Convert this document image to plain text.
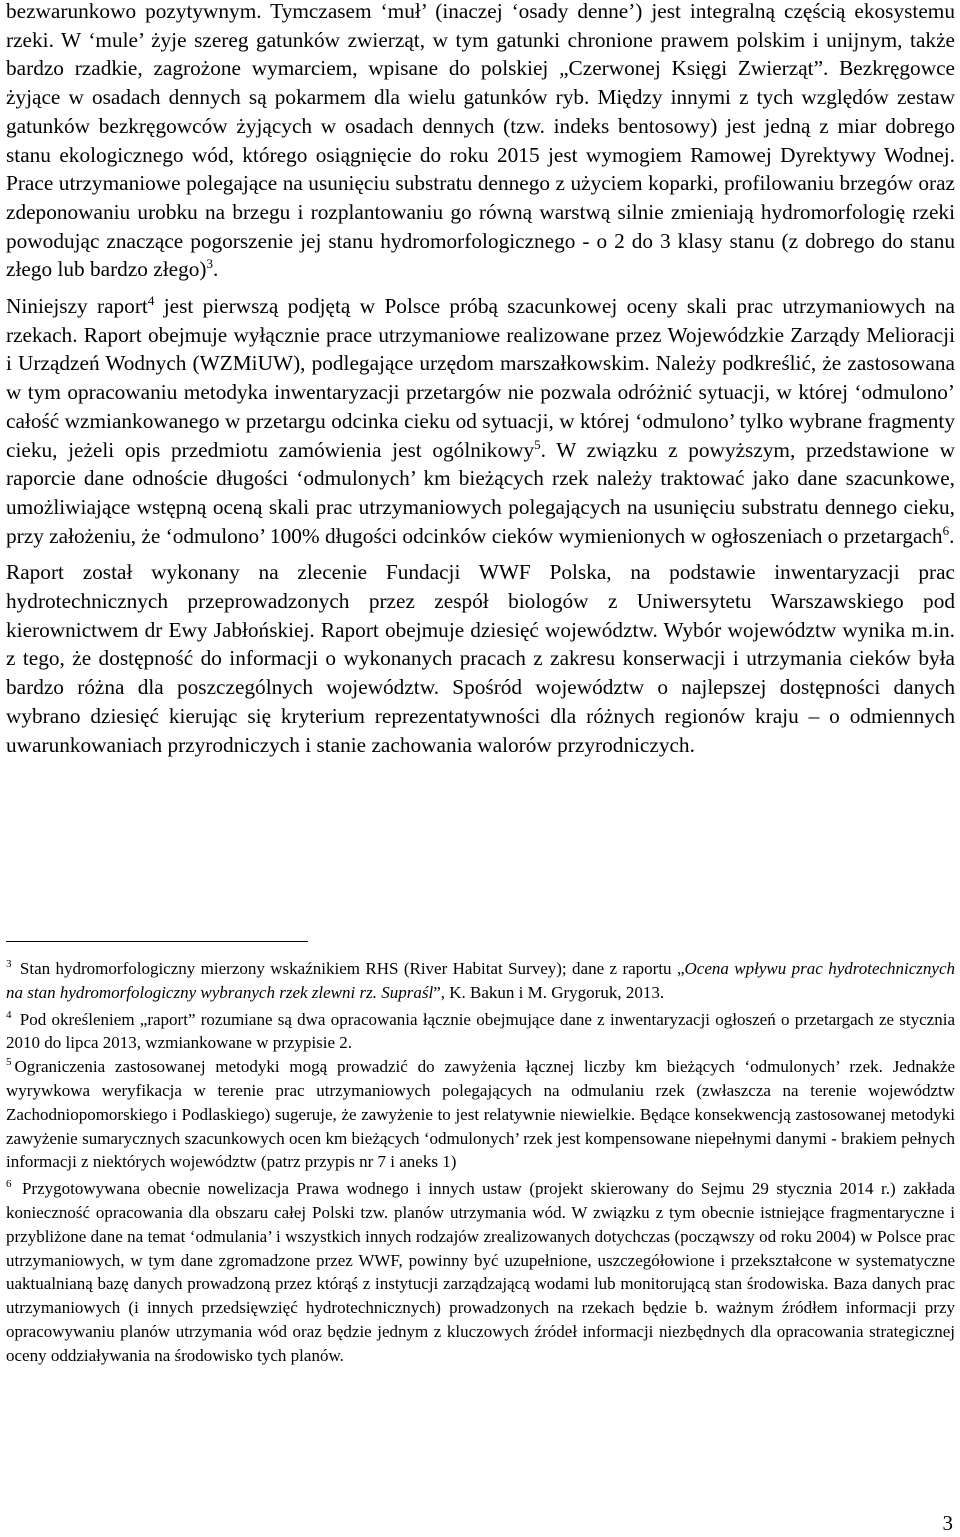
bezwarunkowo pozytywnym. Tymczasem ‘muł’ (inaczej ‘osady denne’) jest integralną częścią ekosystemu rzeki. W ‘mule’ żyje szereg gatunków zwierząt, w tym gatunki chronione prawem polskim i unijnym, także bardzo rzadkie, zagrożone wymarciem, wpisane do polskiej „Czerwonej Księgi Zwierząt”. Bezkręgowce żyjące w osadach dennych są pokarmem dla wielu gatunków ryb. Między innymi z tych względów zestaw gatunków bezkręgowców żyjących w osadach dennych (tzw. indeks bentosowy) jest jedną z miar dobrego stanu ekologicznego wód, którego osiągnięcie do roku 2015 jest wymogiem Ramowej Dyrektywy Wodnej. Prace utrzymaniowe polegające na usunięciu substratu dennego z użyciem koparki, profilowaniu brzegów oraz zdeponowaniu urobku na brzegu i rozplantowaniu go równą warstwą silnie zmieniają hydromorfologię rzeki powodując znaczące pogorszenie jej stanu hydromorfologicznego - o 2 do 3 klasy stanu (z dobrego do stanu złego lub bardzo złego)$^3$.

Niniejszy raport$^4$ jest pierwszą podjętą w Polsce próbą szacunkowej oceny skali prac utrzymaniowych na rzekach. Raport obejmuje wyłącznie prace utrzymaniowe realizowane przez Wojewódzkie Zarządy Melioracji i Urządzeń Wodnych (WZMiUW), podlegające urzędom marszałkowskim. Należy podkreślić, że zastosowana w tym opracowaniu metodyka inwentaryzacji przetargów nie pozwala odróżnić sytuacji, w której ‘odmulono’ całość wzmiankowanego w przetargu odcinka cieku od sytuacji, w której ‘odmulono’ tylko wybrane fragmenty cieku, jeżeli opis przedmiotu zamówienia jest ogólnikowy$^5$. W związku z powyższym, przedstawione w raporcie dane odnoście długości ‘odmulonych’ km bieżących rzek należy traktować jako dane szacunkowe, umożliwiające wstępną oceną skali prac utrzymaniowych polegających na usunięciu substratu dennego cieku, przy założeniu, że ‘odmulono’ 100% długości odcinków cieków wymienionych w ogłoszeniach o przetargach$^6$.

Raport został wykonany na zlecenie Fundacji WWF Polska, na podstawie inwentaryzacji prac hydrotechnicznych przeprowadzonych przez zespół biologów z Uniwersytetu Warszawskiego pod kierownictwem dr Ewy Jabłońskiej. Raport obejmuje dziesięć województw. Wybór województw wynika m.in. z tego, że dostępność do informacji o wykonanych pracach z zakresu konserwacji i utrzymania cieków była bardzo różna dla poszczególnych województw. Spośród województw o najlepszej dostępności danych wybrano dziesięć kierując się kryterium reprezentatywności dla różnych regionów kraju – o odmiennych uwarunkowaniach przyrodniczych i stanie zachowania walorów przyrodniczych.

$^3$ Stan hydromorfologiczny mierzony wskaźnikiem RHS (River Habitat Survey); dane z raportu „Ocena wpływu prac hydrotechnicznych na stan hydromorfologiczny wybranych rzek zlewni rz. Supraśl”, K. Bakun i M. Grygoruk, 2013.

$^4$ Pod określeniem „raport” rozumiane są dwa opracowania łącznie obejmujące dane z inwentaryzacji ogłoszeń o przetargach ze stycznia 2010 do lipca 2013, wzmiankowane w przypisie 2.

$^5$ Ograniczenia zastosowanej metodyki mogą prowadzić do zawyżenia łącznej liczby km bieżących ‘odmulonych’ rzek. Jednakże wyrywkowa weryfikacja w terenie prac utrzymaniowych polegających na odmulaniu rzek (zwłaszcza na terenie województw Zachodniopomorskiego i Podlaskiego) sugeruje, że zawyżenie to jest relatywnie niewielkie. Będące konsekwencją zastosowanej metodyki zawyżenie sumarycznych szacunkowych ocen km bieżących ‘odmulonych’ rzek jest kompensowane niepełnymi danymi - brakiem pełnych informacji z niektórych województw (patrz przypis nr 7 i aneks 1)

$^6$ Przygotowywana obecnie nowelizacja Prawa wodnego i innych ustaw (projekt skierowany do Sejmu 29 stycznia 2014 r.) zakłada konieczność opracowania dla obszaru całej Polski tzw. planów utrzymania wód. W związku z tym obecnie istniejące fragmentaryczne i przybliżone dane na temat ‘odmulania’ i wszystkich innych rodzajów zrealizowanych dotychczas (począwszy od roku 2004) w Polsce prac utrzymaniowych, w tym dane zgromadzone przez WWF, powinny być uzupełnione, uszczegółowione i przekształcone w systematyczne uaktualnianą bazę danych prowadzoną przez którąś z instytucji zarządzającą wodami lub monitorującą stan środowiska. Baza danych prac utrzymaniowych (i innych przedsięwzięć hydrotechnicznych) prowadzonych na rzekach będzie b. ważnym źródłem informacji przy opracowywaniu planów utrzymania wód oraz będzie jednym z kluczowych źródeł informacji niezbędnych dla opracowania strategicznej oceny oddziaływania na środowisko tych planów.

3
